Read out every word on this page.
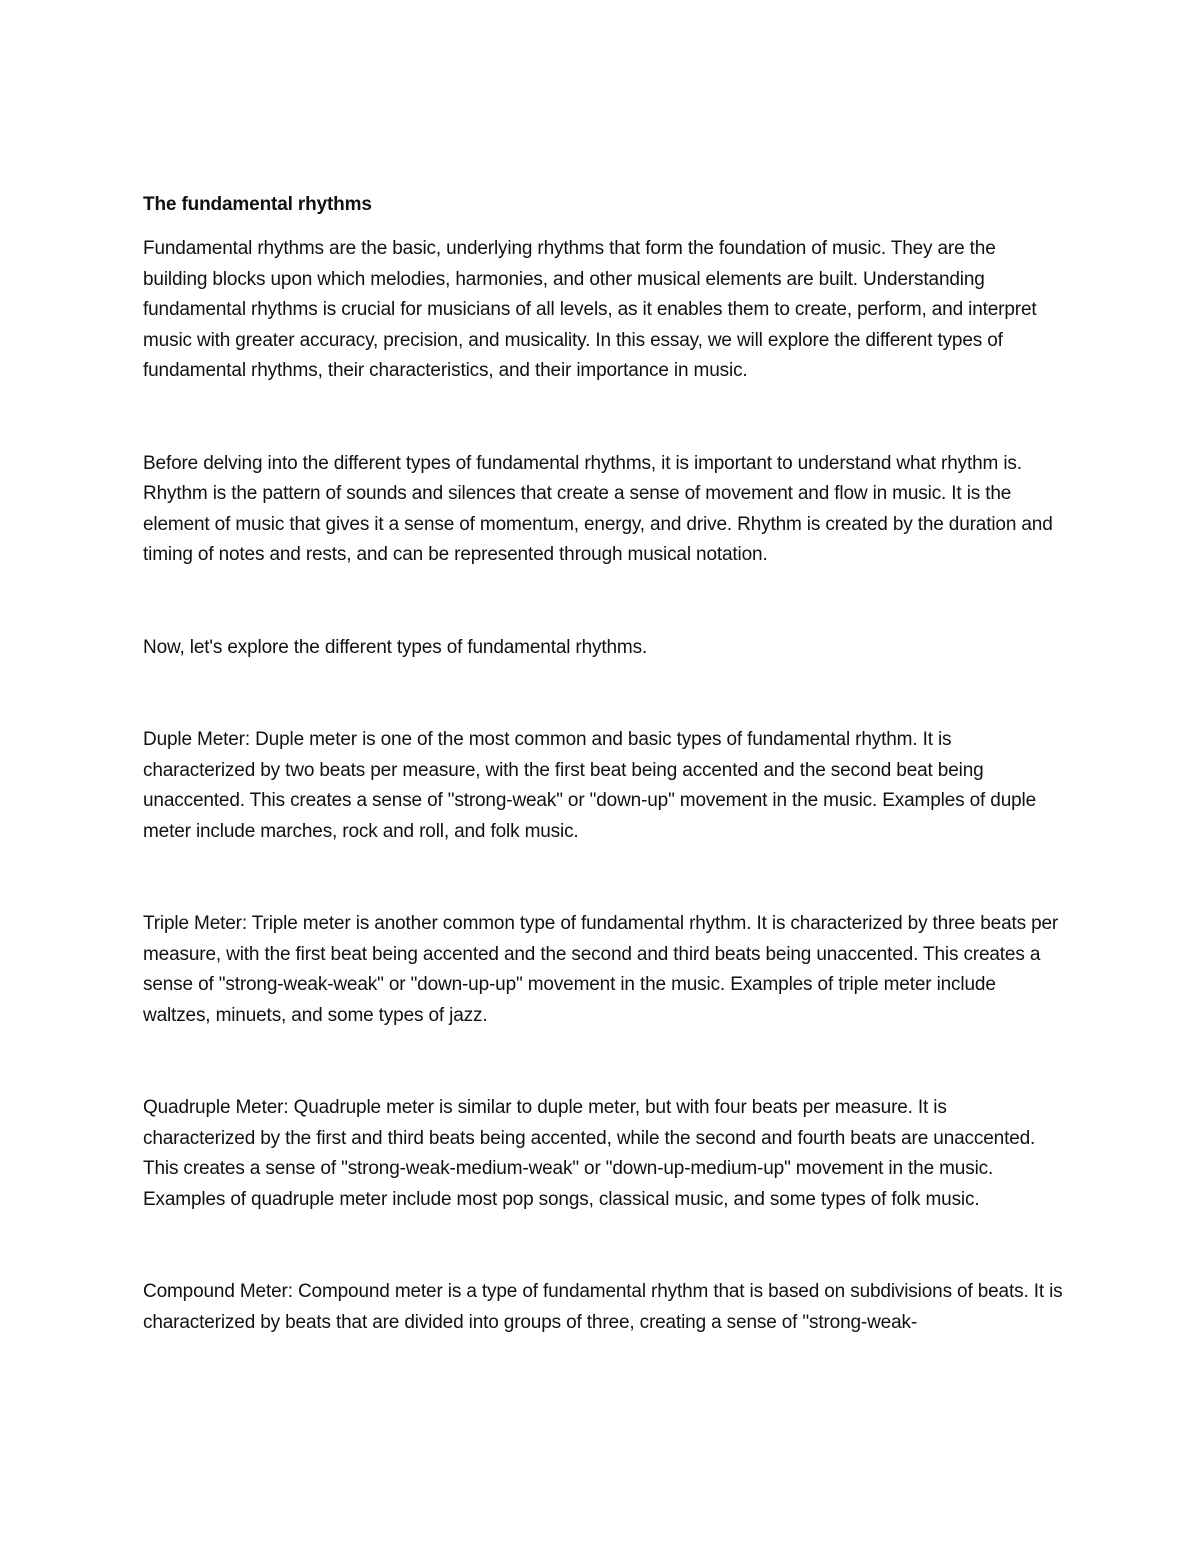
The fundamental rhythms

Fundamental rhythms are the basic, underlying rhythms that form the foundation of music. They are the building blocks upon which melodies, harmonies, and other musical elements are built. Understanding fundamental rhythms is crucial for musicians of all levels, as it enables them to create, perform, and interpret music with greater accuracy, precision, and musicality. In this essay, we will explore the different types of fundamental rhythms, their characteristics, and their importance in music.

Before delving into the different types of fundamental rhythms, it is important to understand what rhythm is. Rhythm is the pattern of sounds and silences that create a sense of movement and flow in music. It is the element of music that gives it a sense of momentum, energy, and drive. Rhythm is created by the duration and timing of notes and rests, and can be represented through musical notation.

Now, let's explore the different types of fundamental rhythms.

Duple Meter: Duple meter is one of the most common and basic types of fundamental rhythm. It is characterized by two beats per measure, with the first beat being accented and the second beat being unaccented. This creates a sense of "strong-weak" or "down-up" movement in the music. Examples of duple meter include marches, rock and roll, and folk music.

Triple Meter: Triple meter is another common type of fundamental rhythm. It is characterized by three beats per measure, with the first beat being accented and the second and third beats being unaccented. This creates a sense of "strong-weak-weak" or "down-up-up" movement in the music. Examples of triple meter include waltzes, minuets, and some types of jazz.

Quadruple Meter: Quadruple meter is similar to duple meter, but with four beats per measure. It is characterized by the first and third beats being accented, while the second and fourth beats are unaccented. This creates a sense of "strong-weak-medium-weak" or "down-up-medium-up" movement in the music. Examples of quadruple meter include most pop songs, classical music, and some types of folk music.

Compound Meter: Compound meter is a type of fundamental rhythm that is based on subdivisions of beats. It is characterized by beats that are divided into groups of three, creating a sense of "strong-weak-
